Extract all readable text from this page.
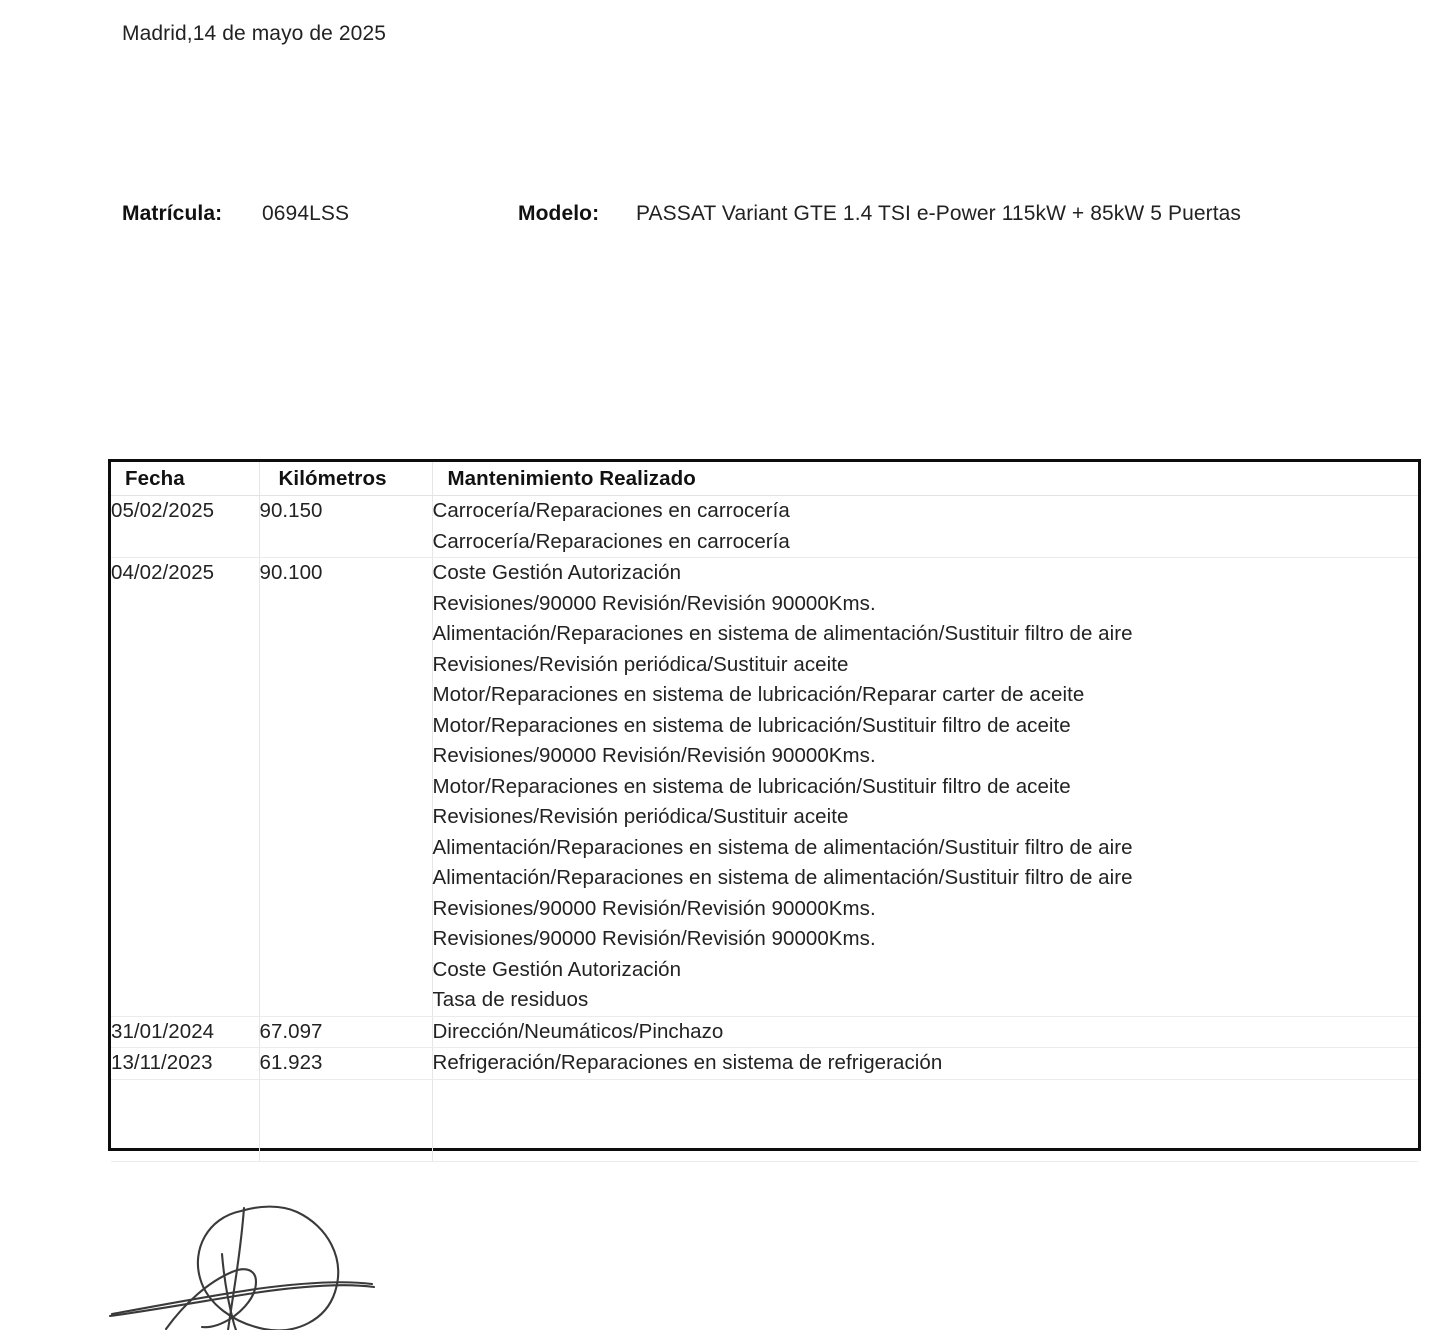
Madrid,14 de mayo de 2025
Matrícula: 0694LSS	Modelo: PASSAT Variant GTE 1.4 TSI e-Power 115kW + 85kW 5 Puertas
Fecha	Kilómetros	Mantenimiento Realizado

05/02/2025	90.150	Carrocería/Reparaciones en carrocería
Carrocería/Reparaciones en carrocería

04/02/2025	90.100	Coste Gestión Autorización
Revisiones/90000 Revisión/Revisión 90000Kms.
Alimentación/Reparaciones en sistema de alimentación/Sustituir filtro de aire
Revisiones/Revisión periódica/Sustituir aceite
Motor/Reparaciones en sistema de lubricación/Reparar carter de aceite
Motor/Reparaciones en sistema de lubricación/Sustituir filtro de aceite
Revisiones/90000 Revisión/Revisión 90000Kms.
Motor/Reparaciones en sistema de lubricación/Sustituir filtro de aceite
Revisiones/Revisión periódica/Sustituir aceite
Alimentación/Reparaciones en sistema de alimentación/Sustituir filtro de aire
Alimentación/Reparaciones en sistema de alimentación/Sustituir filtro de aire
Revisiones/90000 Revisión/Revisión 90000Kms.
Revisiones/90000 Revisión/Revisión 90000Kms.
Coste Gestión Autorización
Tasa de residuos

31/01/2024	67.097	Dirección/Neumáticos/Pinchazo

13/11/2023	61.923	Refrigeración/Reparaciones en sistema de refrigeración
